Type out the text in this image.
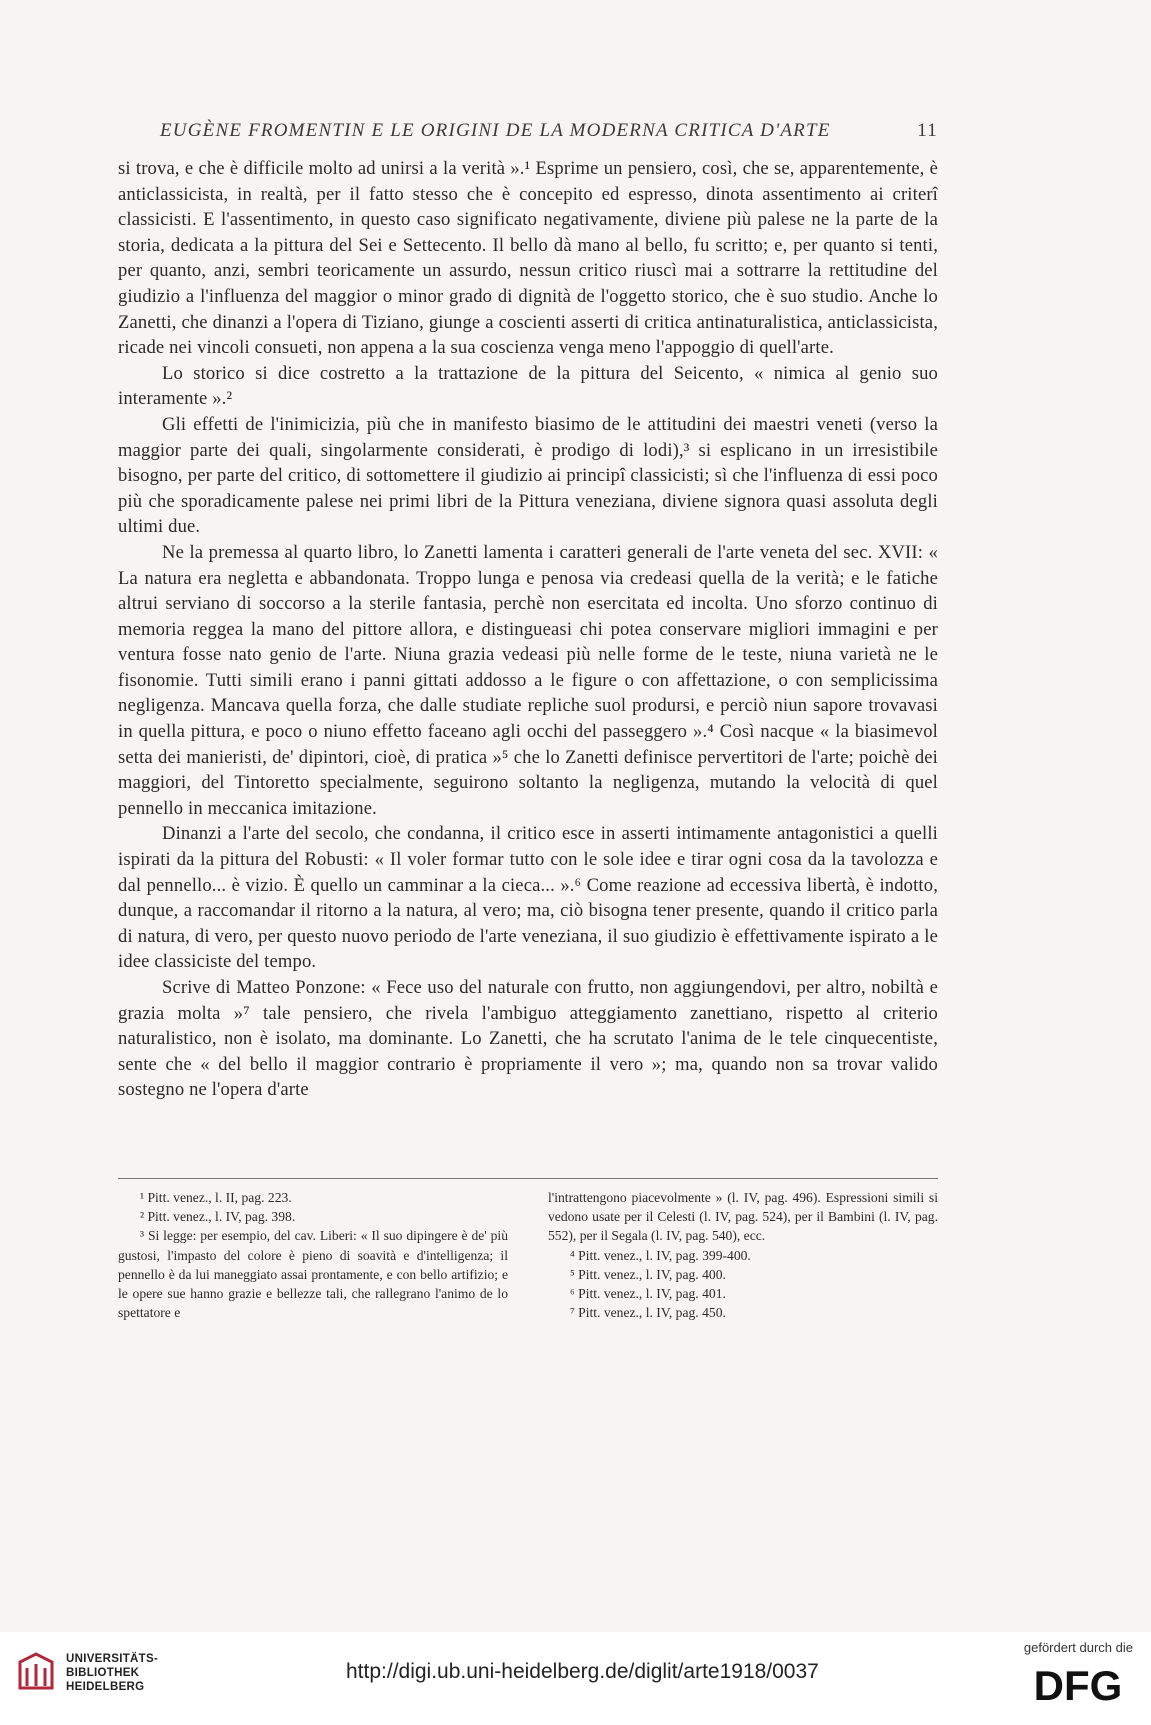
EUGÈNE FROMENTIN E LE ORIGINI DE LA MODERNA CRITICA D'ARTE	11

si trova, e che è difficile molto ad unirsi a la verità ».¹ Esprime un pensiero, così, che se, apparentemente, è anticlassicista, in realtà, per il fatto stesso che è concepito ed espresso, dinota assentimento ai criterî classicisti. E l'assentimento, in questo caso significato negativamente, diviene più palese ne la parte de la storia, dedicata a la pittura del Sei e Settecento. Il bello dà mano al bello, fu scritto; e, per quanto si tenti, per quanto, anzi, sembri teoricamente un assurdo, nessun critico riuscì mai a sottrarre la rettitudine del giudizio a l'influenza del maggior o minor grado di dignità de l'oggetto storico, che è suo studio. Anche lo Zanetti, che dinanzi a l'opera di Tiziano, giunge a coscienti asserti di critica antinaturalistica, anticlassicista, ricade nei vincoli consueti, non appena a la sua coscienza venga meno l'appoggio di quell'arte.

Lo storico si dice costretto a la trattazione de la pittura del Seicento, « nimica al genio suo interamente ».²

Gli effetti de l'inimicizia, più che in manifesto biasimo de le attitudini dei maestri veneti (verso la maggior parte dei quali, singolarmente considerati, è prodigo di lodi),³ si esplicano in un irresistibile bisogno, per parte del critico, di sottomettere il giudizio ai principî classicisti; sì che l'influenza di essi poco più che sporadicamente palese nei primi libri de la Pittura veneziana, diviene signora quasi assoluta degli ultimi due.

Ne la premessa al quarto libro, lo Zanetti lamenta i caratteri generali de l'arte veneta del sec. XVII: « La natura era negletta e abbandonata. Troppo lunga e penosa via credeasi quella de la verità; e le fatiche altrui serviano di soccorso a la sterile fantasia, perchè non esercitata ed incolta. Uno sforzo continuo di memoria reggea la mano del pittore allora, e distingueasi chi potea conservare migliori immagini e per ventura fosse nato genio de l'arte. Niuna grazia vedeasi più nelle forme de le teste, niuna varietà ne le fisonomie. Tutti simili erano i panni gittati addosso a le figure o con affettazione, o con semplicissima negligenza. Mancava quella forza, che dalle studiate repliche suol prodursi, e perciò niun sapore trovavasi in quella pittura, e poco o niuno effetto faceano agli occhi del passeggero ».⁴ Così nacque « la biasimevol setta dei manieristi, de' dipintori, cioè, di pratica »⁵ che lo Zanetti definisce pervertitori de l'arte; poichè dei maggiori, del Tintoretto specialmente, seguirono soltanto la negligenza, mutando la velocità di quel pennello in meccanica imitazione.

Dinanzi a l'arte del secolo, che condanna, il critico esce in asserti intimamente antagonistici a quelli ispirati da la pittura del Robusti: « Il voler formar tutto con le sole idee e tirar ogni cosa da la tavolozza e dal pennello... è vizio. È quello un camminar a la cieca... ».⁶ Come reazione ad eccessiva libertà, è indotto, dunque, a raccomandar il ritorno a la natura, al vero; ma, ciò bisogna tener presente, quando il critico parla di natura, di vero, per questo nuovo periodo de l'arte veneziana, il suo giudizio è effettivamente ispirato a le idee classiciste del tempo.

Scrive di Matteo Ponzone: « Fece uso del naturale con frutto, non aggiungendovi, per altro, nobiltà e grazia molta »⁷ tale pensiero, che rivela l'ambiguo atteggiamento zanettiano, rispetto al criterio naturalistico, non è isolato, ma dominante. Lo Zanetti, che ha scrutato l'anima de le tele cinquecentiste, sente che « del bello il maggior contrario è propriamente il vero »; ma, quando non sa trovar valido sostegno ne l'opera d'arte

¹ Pitt. venez., l. II, pag. 223.

² Pitt. venez., l. IV, pag. 398.

³ Si legge: per esempio, del cav. Liberi: « Il suo dipingere è de' più gustosi, l'impasto del colore è pieno di soavità e d'intelligenza; il pennello è da lui maneggiato assai prontamente, e con bello artifizio; e le opere sue hanno grazie e bellezze tali, che rallegrano l'animo de lo spettatore e

l'intrattengono piacevolmente » (l. IV, pag. 496). Espressioni simili si vedono usate per il Celesti (l. IV, pag. 524), per il Bambini (l. IV, pag. 552), per il Segala (l. IV, pag. 540), ecc.

⁴ Pitt. venez., l. IV, pag. 399-400.

⁵ Pitt. venez., l. IV, pag. 400.

⁶ Pitt. venez., l. IV, pag. 401.

⁷ Pitt. venez., l. IV, pag. 450.

UNIVERSITÄTS-
BIBLIOTHEK
HEIDELBERG
http://digi.ub.uni-heidelberg.de/diglit/arte1918/0037
gefördert durch die
DFG
